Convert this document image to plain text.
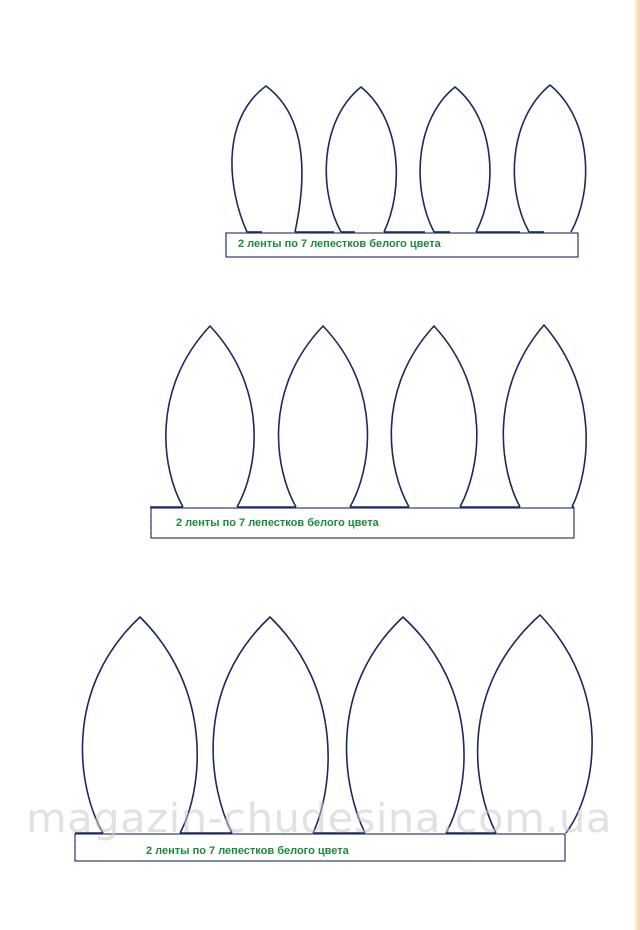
2 ленты по 7 лепестков белого цвета
2 ленты по 7 лепестков белого цвета
2 ленты по 7 лепестков белого цвета
magazin-chudesina.com.ua
